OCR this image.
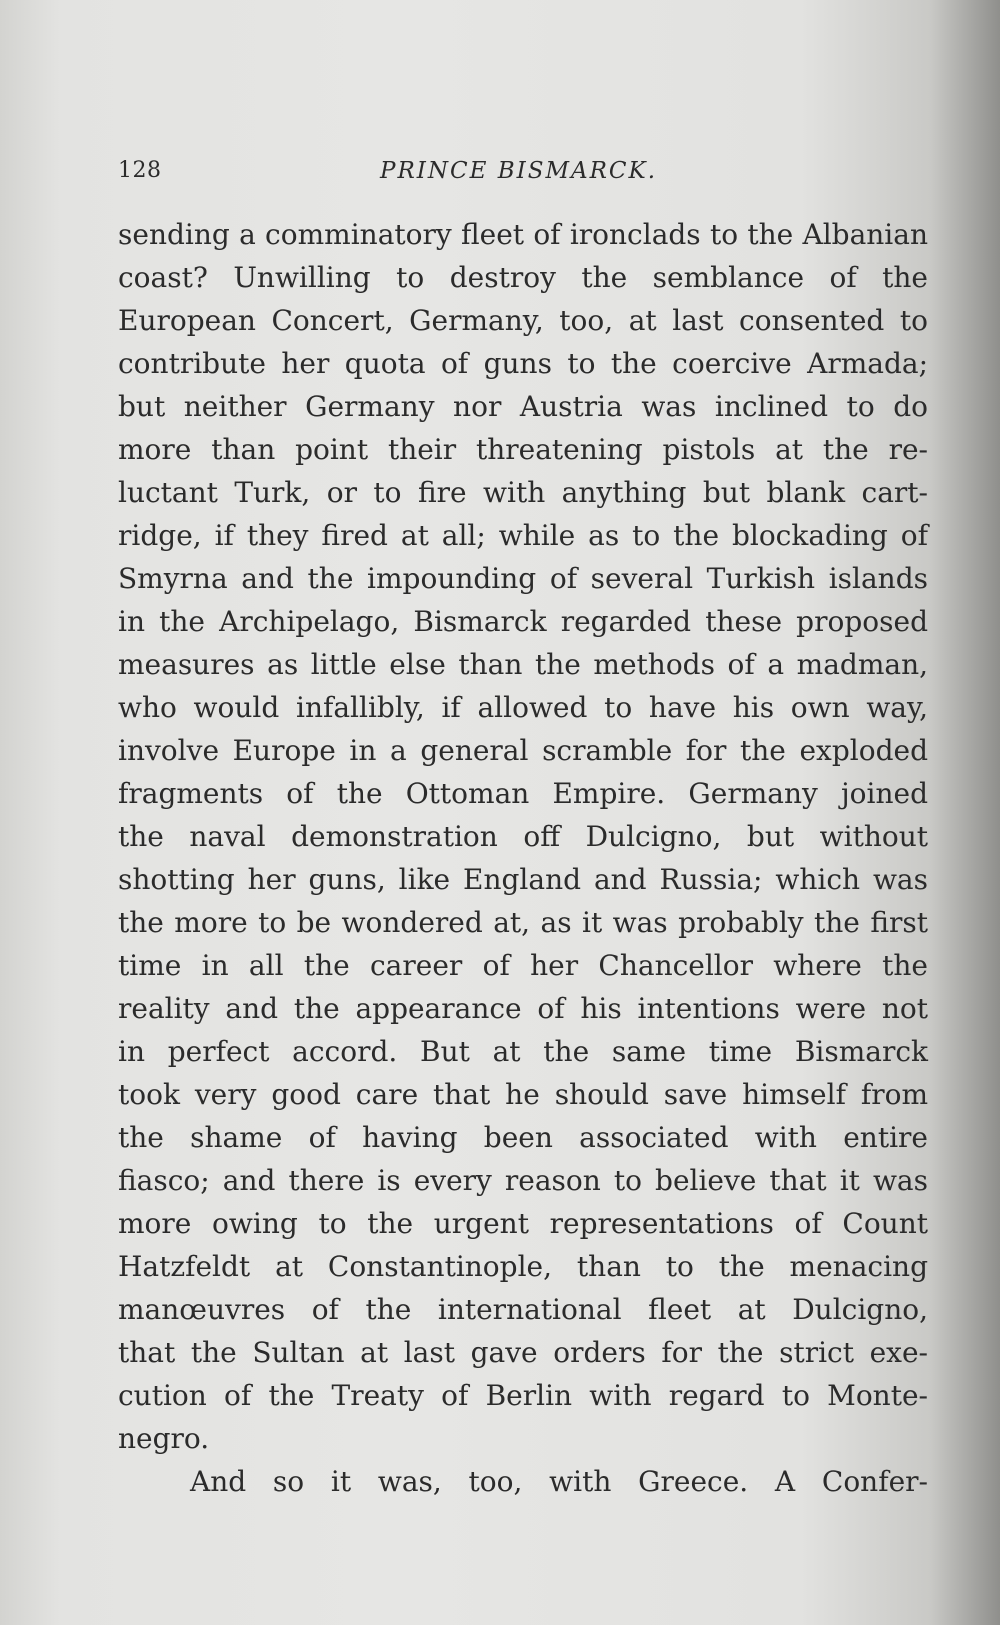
128	PRINCE BISMARCK.
sending a comminatory fleet of ironclads to the Albanian
coast? Unwilling to destroy the semblance of the
European Concert, Germany, too, at last consented to
contribute her quota of guns to the coercive Armada;
but neither Germany nor Austria was inclined to do
more than point their threatening pistols at the re-
luctant Turk, or to fire with anything but blank cart-
ridge, if they fired at all; while as to the blockading of
Smyrna and the impounding of several Turkish islands
in the Archipelago, Bismarck regarded these proposed
measures as little else than the methods of a madman,
who would infallibly, if allowed to have his own way,
involve Europe in a general scramble for the exploded
fragments of the Ottoman Empire. Germany joined
the naval demonstration off Dulcigno, but without
shotting her guns, like England and Russia; which was
the more to be wondered at, as it was probably the first
time in all the career of her Chancellor where the
reality and the appearance of his intentions were not
in perfect accord. But at the same time Bismarck
took very good care that he should save himself from
the shame of having been associated with entire
fiasco; and there is every reason to believe that it was
more owing to the urgent representations of Count
Hatzfeldt at Constantinople, than to the menacing
manœuvres of the international fleet at Dulcigno,
that the Sultan at last gave orders for the strict exe-
cution of the Treaty of Berlin with regard to Monte-
negro.
And so it was, too, with Greece. A Confer-
